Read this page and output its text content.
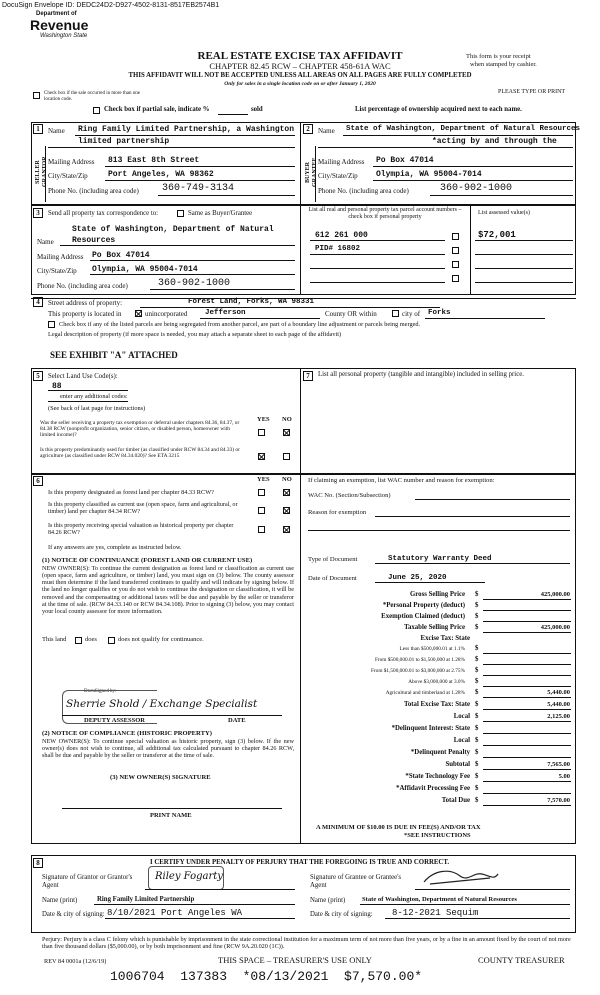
DocuSign Envelope ID: DEDC24D2-D927-4502-8131-8517EB2574B1
Department of
Revenue
Washington State
REAL ESTATE EXCISE TAX AFFIDAVIT
CHAPTER 82.45 RCW – CHAPTER 458-61A WAC
THIS AFFIDAVIT WILL NOT BE ACCEPTED UNLESS ALL AREAS ON ALL PAGES ARE FULLY COMPLETED
Only for sales in a single location code on or after January 1, 2020
This form is your receipt
when stamped by cashier.
PLEASE TYPE OR PRINT
Check box if the sale occurred in more than one location code.
Check box if partial sale, indicate %	sold	List percentage of ownership acquired next to each name.
1
SELLER GRANTOR
Name Ring Family Limited Partnership, a Washington
limited partnership
Mailing Address 813 East 8th Street
City/State/Zip	Port Angeles, WA 98362
Phone No. (including area code) 360-749-3134
2
BUYER GRANTEE
Name State of Washington, Department of Natural Resources
*acting by and through the
Mailing Address Po Box 47014
City/State/Zip Olympia, WA 95004-7014
Phone No. (including area code)	360-902-1000
3	Send all property tax correspondence to:	Same as Buyer/Grantee
Name
State of Washington, Department of Natural
Resources
Mailing Address Po Box 47014
City/State/Zip Olympia, WA 95004-7014
Phone No. (including area code)	360-902-1000
List all real and personal property tax parcel account numbers – check box if personal property
List assessed value(s)
612 261 000
PID# 16802
$72,001
4	Street address of property:	Forest Land, Forks, WA 98331
This property is located in	unincorporated Jefferson	County OR within	city of Forks
Check box if any of the listed parcels are being segregated from another parcel, are part of a boundary line adjustment or parcels being merged.
Legal description of property (if more space is needed, you may attach a separate sheet to each page of the affidavit)
SEE EXHIBIT "A" ATTACHED
5	Select Land Use Code(s):
88
enter any additional codes:
(See back of last page for instructions)
YES NO
Was the seller receiving a property tax exemption or deferral under chapters 84.36, 84.37, or 84.38 RCW (nonprofit organization, senior citizen, or disabled person, homeowner with limited income)?
Is this property predominantly used for timber (as classified under RCW 84.34 and 84.33) or agriculture (as classified under RCW 84.34.020)? See ETA 3215
7	List all personal property (tangible and intangible) included in selling price.
6	YES NO
Is this property designated as forest land per chapter 84.33 RCW?
Is this property classified as current use (open space, farm and agricultural, or timber) land per chapter 84.34 RCW?
Is this property receiving special valuation as historical property per chapter 84.26 RCW?
If any answers are yes, complete as instructed below.
(1) NOTICE OF CONTINUANCE (FOREST LAND OR CURRENT USE)
NEW OWNER(S): To continue the current designation as forest land or classification as current use (open space, farm and agriculture, or timber) land, you must sign on (3) below. The county assessor must then determine if the land transferred continues to qualify and will indicate by signing below. If the land no longer qualifies or you do not wish to continue the designation or classification, it will be removed and the compensating or additional taxes will be due and payable by the seller or transferor at the time of sale. (RCW 84.33.140 or RCW 84.34.108). Prior to signing (3) below, you may contact your local county assessor for more information.
This land	does	does not qualify for continuance.
DocuSigned by:
Sherrie Shold / Exchange Specialist
DEPUTY ASSESSOR	DATE
(2) NOTICE OF COMPLIANCE (HISTORIC PROPERTY)
NEW OWNER(S): To continue special valuation as historic property, sign (3) below. If the new owner(s) does not wish to continue, all additional tax calculated pursuant to chapter 84.26 RCW, shall be due and payable by the seller or transferor at the time of sale.
(3) NEW OWNER(S) SIGNATURE
PRINT NAME
If claiming an exemption, list WAC number and reason for exemption:
WAC No. (Section/Subsection)
Reason for exemption
Type of Document	Statutory Warranty Deed
Date of Document	June 25, 2020
Gross Selling Price $	425,000.00
*Personal Property (deduct) $
Exemption Claimed (deduct) $
Taxable Selling Price $	425,000.00
Excise Tax: State
Less than $500,000.01 at 1.1% $
From $500,000.01 to $1,500,000 at 1.28% $
From $1,500,000.01 to $3,000,000 at 2.75% $
Above $3,000,000 at 3.0% $
Agricultural and timberland at 1.28% $	5,440.00
Total Excise Tax: State $	5,440.00
Local $	2,125.00
*Delinquent Interest: State $
Local $
*Delinquent Penalty $
Subtotal $	7,565.00
*State Technology Fee $	5.00
*Affidavit Processing Fee $
Total Due $	7,570.00
A MINIMUM OF $10.00 IS DUE IN FEE(S) AND/OR TAX
*SEE INSTRUCTIONS
8	I CERTIFY UNDER PENALTY OF PERJURY THAT THE FOREGOING IS TRUE AND CORRECT.
Signature of Grantor or Grantor's Agent
Riley Fogarty	Signature of Grantee or Grantee's Agent
Name (print)	Ring Family Limited Partnership	Name (print)	State of Washington, Department of Natural Resources
Date & city of signing: 8/10/2021 Port Angeles WA	Date & city of signing: 8-12-2021 Sequim
Perjury: Perjury is a class C felony which is punishable by imprisonment in the state correctional institution for a maximum term of not more than five years, or by a fine in an amount fixed by the court of not more than five thousand dollars ($5,000.00), or by both imprisonment and fine (RCW 9A.20.020 (1C)).
REV 84 0001a (12/6/19)	THIS SPACE – TREASURER'S USE ONLY	COUNTY TREASURER
1006704  137383  *08/13/2021  $7,570.00*
